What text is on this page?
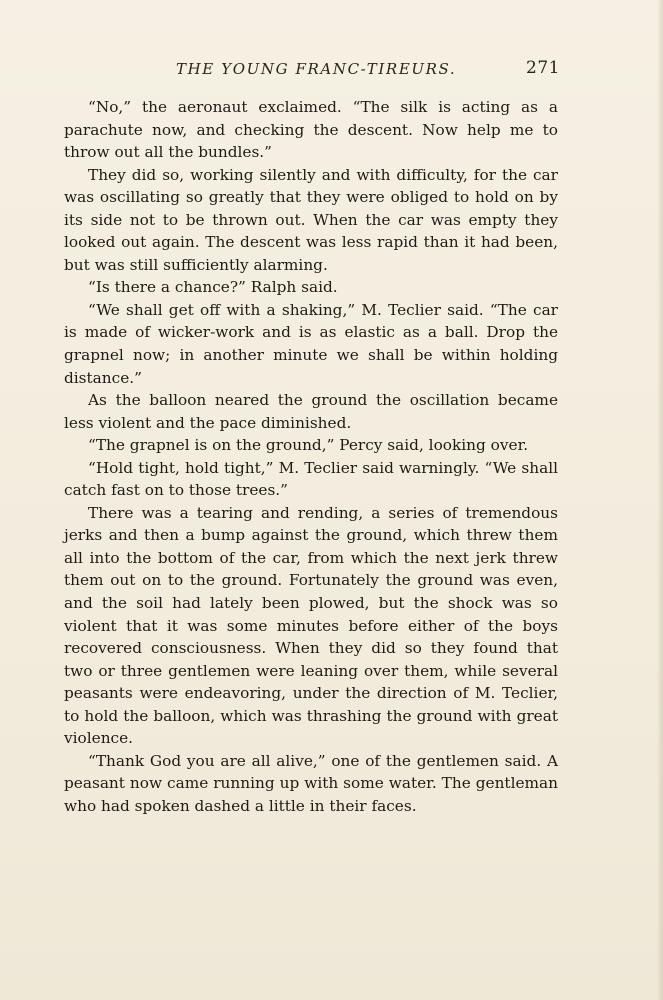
THE YOUNG FRANC-TIREURS.	271

“No,” the aeronaut exclaimed. “The silk is acting as a parachute now, and checking the descent. Now help me to throw out all the bundles.”

They did so, working silently and with difficulty, for the car was oscillating so greatly that they were obliged to hold on by its side not to be thrown out. When the car was empty they looked out again. The descent was less rapid than it had been, but was still sufficiently alarming.

“Is there a chance?” Ralph said.

“We shall get off with a shaking,” M. Teclier said. “The car is made of wicker-work and is as elastic as a ball. Drop the grapnel now; in another minute we shall be within holding distance.”

As the balloon neared the ground the oscillation became less violent and the pace diminished.

“The grapnel is on the ground,” Percy said, looking over.

“Hold tight, hold tight,” M. Teclier said warningly. “We shall catch fast on to those trees.”

There was a tearing and rending, a series of tremendous jerks and then a bump against the ground, which threw them all into the bottom of the car, from which the next jerk threw them out on to the ground. Fortunately the ground was even, and the soil had lately been plowed, but the shock was so violent that it was some minutes before either of the boys recovered consciousness. When they did so they found that two or three gentlemen were leaning over them, while several peasants were endeavoring, under the direction of M. Teclier, to hold the balloon, which was thrashing the ground with great violence.

“Thank God you are all alive,” one of the gentlemen said. A peasant now came running up with some water. The gentleman who had spoken dashed a little in their faces.
